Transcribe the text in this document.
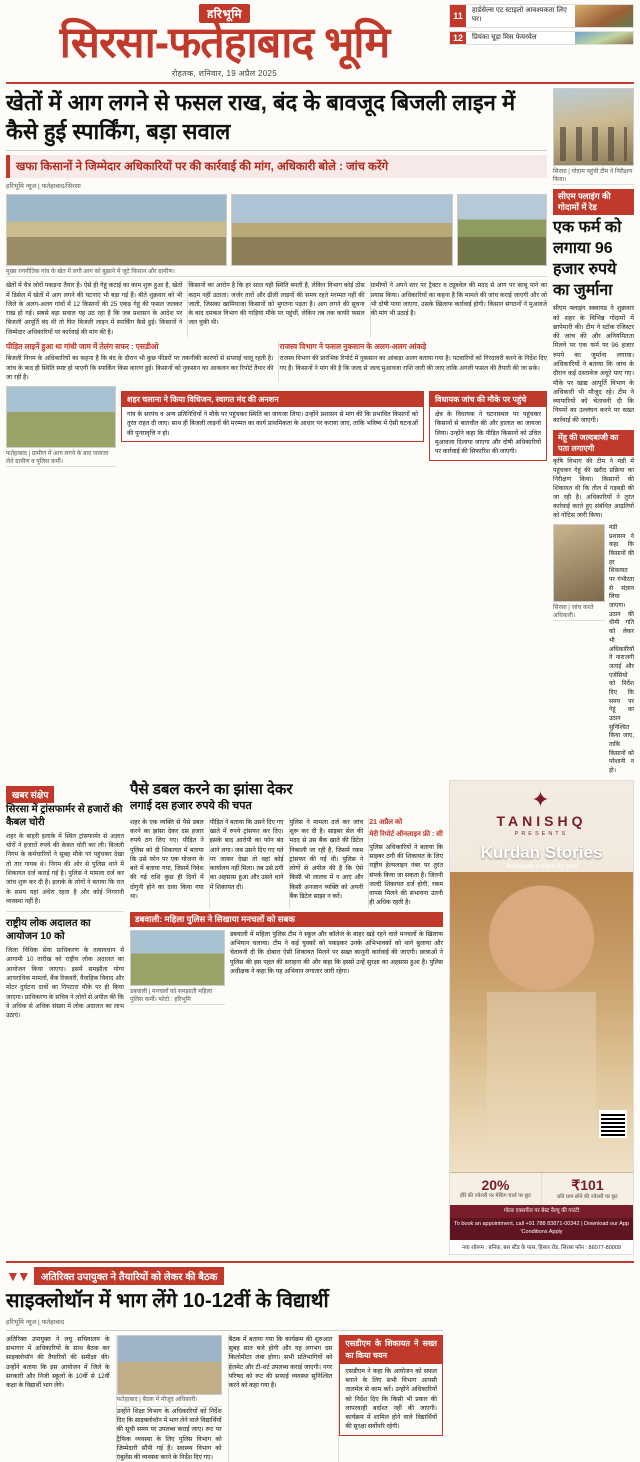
हरिभूमि
सिरसा-फतेहाबाद भूमि
रोहतक, शनिवार, 19 अप्रैल 2025
11
हार्डसेल्स एट स्टाइलो आवश्यकता लिए घर।
12	प्रियंका चूड़ा मिस फेयरवेल
खेतों में आग लगने से फसल राख, बंद के बावजूद बिजली लाइन में कैसे हुई स्पार्किंग, बड़ा सवाल
खफा किसानों ने जिम्मेदार अधिकारियों पर की कार्रवाई की मांग, अधिकारी बोले : जांच करेंगे
हरिभूमि न्यूज | फतेहाबाद/सिरसा
मुख्य रणनीतिक गांव के खेत में लगी आग को बुझाने में जुटे किसान और ग्रामीण।
खेतों में चैत्र जोरों पकड़ना तैयार है। ऐसे ही गेहूं कटाई का काम शुरू हुआ है, खेतों में डिसेल में खेतों में आग लगने की घटनाएं भी बड़ा गई हैं। बीते शुक्रवार को भी जिले के अलग-अलग गांवों में 12 किसानों की 25 एकड़ गेहूं की फसल जलकर राख हो गई। सबसे बड़ा सवाल यह उठ रहा है कि जब प्रशासन के आदेश पर बिजली आपूर्ति बंद थी तो फिर बिजली लाइन में स्पार्किंग कैसे हुई। किसानों ने जिम्मेदार अधिकारियों पर कार्रवाई की मांग की है।
किसानों का आरोप है कि हर साल यही स्थिति बनती है, लेकिन विभाग कोई ठोस कदम नहीं उठाता। जर्जर तारों और ढीली लाइनों की समय रहते मरम्मत नहीं की जाती, जिसका खामियाजा किसानों को भुगतना पड़ता है। आग लगने की सूचना के बाद दमकल विभाग की गाड़ियां मौके पर पहुंचीं, लेकिन तब तक काफी फसल जल चुकी थी।
ग्रामीणों ने अपने स्तर पर ट्रैक्टर व ट्यूबवेल की मदद से आग पर काबू पाने का प्रयास किया। अधिकारियों का कहना है कि मामले की जांच कराई जाएगी और जो भी दोषी पाया जाएगा, उसके खिलाफ कार्रवाई होगी। किसान संगठनों ने मुआवजे की मांग भी उठाई है।
पीड़ित लाइनें हुआ था गांधी जाम में तेलंग सफर : एसडीओ
बिजली निगम के अधिकारियों का कहना है कि बंद के दौरान भी कुछ फीडरों पर तकनीकी कारणों से सप्लाई चालू रहती है। जांच के बाद ही स्थिति स्पष्ट हो पाएगी कि स्पार्किंग किस कारण हुई। किसानों को नुकसान का आकलन कर रिपोर्ट तैयार की जा रही है।
राजस्व विभाग ने फसल नुकसान के अलग-अलग आंकड़े
राजस्व विभाग की प्रारंभिक रिपोर्ट में नुकसान का आंकड़ा अलग बताया गया है। पटवारियों को गिरदावरी करने के निर्देश दिए गए हैं। किसानों ने मांग की है कि जल्द से जल्द मुआवजा राशि जारी की जाए ताकि अगली फसल की तैयारी की जा सके।
फतेहाबाद | ग्रामीण में आग लगने के बाद जायजा लेते ग्रामीण व पुलिस कर्मी।
शहर चलाना ने किया विधिजन, स्वागत मंद की अनशन
गांव के सरपंच व अन्य प्रतिनिधियों ने मौके पर पहुंचकर स्थिति का जायजा लिया। उन्होंने प्रशासन से मांग की कि प्रभावित किसानों को तुरंत राहत दी जाए। साथ ही बिजली लाइनों की मरम्मत का कार्य प्राथमिकता के आधार पर कराया जाए, ताकि भविष्य में ऐसी घटनाओं की पुनरावृत्ति न हो।
विधायक जांच की मौके पर पहुंचे
क्षेत्र के विधायक ने घटनास्थल पर पहुंचकर किसानों से बातचीत की और हालात का जायजा लिया। उन्होंने कहा कि पीड़ित किसानों को उचित मुआवजा दिलाया जाएगा और दोषी अधिकारियों पर कार्रवाई की सिफारिश की जाएगी।
सिरसा | गोदाम पहुंची टीम ने निरीक्षण किया।
सीएम फ्लाइंग की गोदामों में रेड
एक फर्म को लगाया 96 हजार रुपये का जुर्माना
सीएम फ्लाइंग स्क्वायड ने शुक्रवार को शहर के विभिन्न गोदामों में छापेमारी की। टीम ने स्टॉक रजिस्टर की जांच की और अनियमितता मिलने पर एक फर्म पर 96 हजार रुपये का जुर्माना लगाया। अधिकारियों ने बताया कि जांच के दौरान कई दस्तावेज अधूरे पाए गए। मौके पर खाद्य आपूर्ति विभाग के अधिकारी भी मौजूद रहे। टीम ने व्यापारियों को चेतावनी दी कि नियमों का उल्लंघन करने पर सख्त कार्रवाई की जाएगी।
मेंहू की जल्दबाजी का पता लगाएगी
कृषि विभाग की टीम ने मंडी में पहुंचकर गेहूं की खरीद प्रक्रिया का निरीक्षण किया। किसानों की शिकायत थी कि तौल में गड़बड़ी की जा रही है। अधिकारियों ने तुरंत कार्रवाई करते हुए संबंधित आढ़तियों को नोटिस जारी किया।
सिरसा | जांच करते अधिकारी।
मंडी प्रशासन ने कहा कि किसानों की हर शिकायत पर गंभीरता से संज्ञान लिया जाएगा। उठान की धीमी गति को लेकर भी अधिकारियों ने नाराजगी जताई और एजेंसियों को निर्देश दिए कि समय पर गेहूं का उठान सुनिश्चित किया जाए, ताकि किसानों को परेशानी न हो।
खबर संक्षेप
सिरसा में ट्रांसफार्मर से हजारों की कैबल चोरी

शहर के बाहरी इलाके में स्थित ट्रांसफार्मर से अज्ञात चोरों ने हजारों रुपये की केबल चोरी कर ली। बिजली निगम के कर्मचारियों ने सुबह मौके पर पहुंचकर देखा तो तार गायब थे। निगम की ओर से पुलिस थाने में शिकायत दर्ज कराई गई है। पुलिस ने मामला दर्ज कर जांच शुरू कर दी है। इलाके के लोगों ने बताया कि रात के समय यहां अंधेरा रहता है और कोई निगरानी व्यवस्था नहीं है।

राष्ट्रीय लोक अदालत का आयोजन 10 को

जिला विधिक सेवा प्राधिकरण के तत्वावधान में आगामी 10 तारीख को राष्ट्रीय लोक अदालत का आयोजन किया जाएगा। इसमें समझौता योग्य आपराधिक मामलों, बैंक रिकवरी, वैवाहिक विवाद और मोटर दुर्घटना दावों का निपटारा मौके पर ही किया जाएगा। प्राधिकरण के सचिव ने लोगों से अपील की कि वे अधिक से अधिक संख्या में लोक अदालत का लाभ उठाएं।

पैसे डबल करने का झांसा देकर
लगाई दस हजार रुपये की चपत
शहर के एक व्यक्ति से पैसे डबल करने का झांसा देकर दस हजार रुपये ठग लिए गए। पीड़ित ने पुलिस को दी शिकायत में बताया कि उसे फोन पर एक योजना के बारे में बताया गया, जिसमें निवेश की गई राशि कुछ ही दिनों में दोगुनी होने का दावा किया गया था।
पीड़ित ने बताया कि उसने दिए गए खाते में रुपये ट्रांसफर कर दिए। इसके बाद आरोपी का फोन बंद आने लगा। जब उसने दिए गए पते पर जाकर देखा तो वहां कोई कार्यालय नहीं मिला। तब उसे ठगी का अहसास हुआ और उसने थाने में शिकायत दी।
पुलिस ने मामला दर्ज कर जांच शुरू कर दी है। साइबर सेल की मदद से उस बैंक खाते की डिटेल निकाली जा रही है, जिसमें रकम ट्रांसफर की गई थी। पुलिस ने लोगों से अपील की है कि ऐसे किसी भी लालच में न आएं और किसी अनजान व्यक्ति को अपनी बैंक डिटेल साझा न करें।
21 अप्रैल को
मेरी रिपोर्ट ऑनलाइन फ्री : सी
पुलिस अधिकारियों ने बताया कि साइबर ठगी की शिकायत के लिए राष्ट्रीय हेल्पलाइन नंबर पर तुरंत संपर्क किया जा सकता है। जितनी जल्दी शिकायत दर्ज होगी, रकम वापस मिलने की संभावना उतनी ही अधिक रहती है।
डबवाली: महिला पुलिस ने सिखाया मनचलों को सबक
डबवाली | मनचलों को समझाती महिला पुलिस कर्मी। फोटो : हरिभूमि
डबवाली में महिला पुलिस टीम ने स्कूल और कॉलेज के बाहर खड़े रहने वाले मनचलों के खिलाफ अभियान चलाया। टीम ने कई युवकों को पकड़कर उनके अभिभावकों को थाने बुलाया और चेतावनी दी कि दोबारा ऐसी शिकायत मिलने पर सख्त कानूनी कार्रवाई की जाएगी। छात्राओं ने पुलिस की इस पहल की सराहना की और कहा कि इससे उन्हें सुरक्षा का अहसास हुआ है। पुलिस अधीक्षक ने कहा कि यह अभियान लगातार जारी रहेगा।
✦
TANISHQ
PRESENTS
Kurdan Stories
Intricately crafted for you
20%
हीरे की ज्वेलरी पर मेकिंग चार्ज पर छूट
₹101
प्रति ग्राम सोने की ज्वेलरी पर छूट
गोल्ड एक्सचेंज पर बेस्ट वैल्यू की गारंटी
To book an appointment, call +91 788 83871-00342 | Download our App 'Conditions Apply
नया शोरूम : बनिक, बस स्टैंड के पास, हिसार रोड, सिरसा फोन : 86077-80009
▼▼	अतिरिक्त उपायुक्त ने तैयारियों को लेकर की बैठक
साइक्लोथॉन में भाग लेंगे 10-12वीं के विद्यार्थी
हरिभूमि न्यूज | फतेहाबाद
अतिरिक्त उपायुक्त ने लघु सचिवालय के सभागार में अधिकारियों के साथ बैठक कर साइक्लोथॉन की तैयारियों की समीक्षा की। उन्होंने बताया कि इस आयोजन में जिले के सरकारी और निजी स्कूलों के 10वीं से 12वीं कक्षा के विद्यार्थी भाग लेंगे।
फतेहाबाद | बैठक में मौजूद अधिकारी।
उन्होंने शिक्षा विभाग के अधिकारियों को निर्देश दिए कि साइक्लोथॉन में भाग लेने वाले विद्यार्थियों की सूची समय पर उपलब्ध कराई जाए। रूट पर ट्रैफिक व्यवस्था के लिए पुलिस विभाग को जिम्मेदारी सौंपी गई है। स्वास्थ्य विभाग को एंबुलेंस की व्यवस्था करने के निर्देश दिए गए।
बैठक में बताया गया कि कार्यक्रम की शुरुआत सुबह सात बजे होगी और यह लगभग दस किलोमीटर लंबा होगा। सभी प्रतिभागियों को हेलमेट और टी-शर्ट उपलब्ध कराई जाएगी। नगर परिषद को रूट की सफाई व्यवस्था सुनिश्चित करने को कहा गया है।
एसडीएम के शिकायत ने सख्त का किया चयन
एसडीएम ने कहा कि आयोजन को सफल बनाने के लिए सभी विभाग आपसी तालमेल से काम करें। उन्होंने अधिकारियों को निर्देश दिए कि किसी भी प्रकार की लापरवाही बर्दाश्त नहीं की जाएगी। कार्यक्रम में शामिल होने वाले विद्यार्थियों की सुरक्षा सर्वोपरि रहेगी।
